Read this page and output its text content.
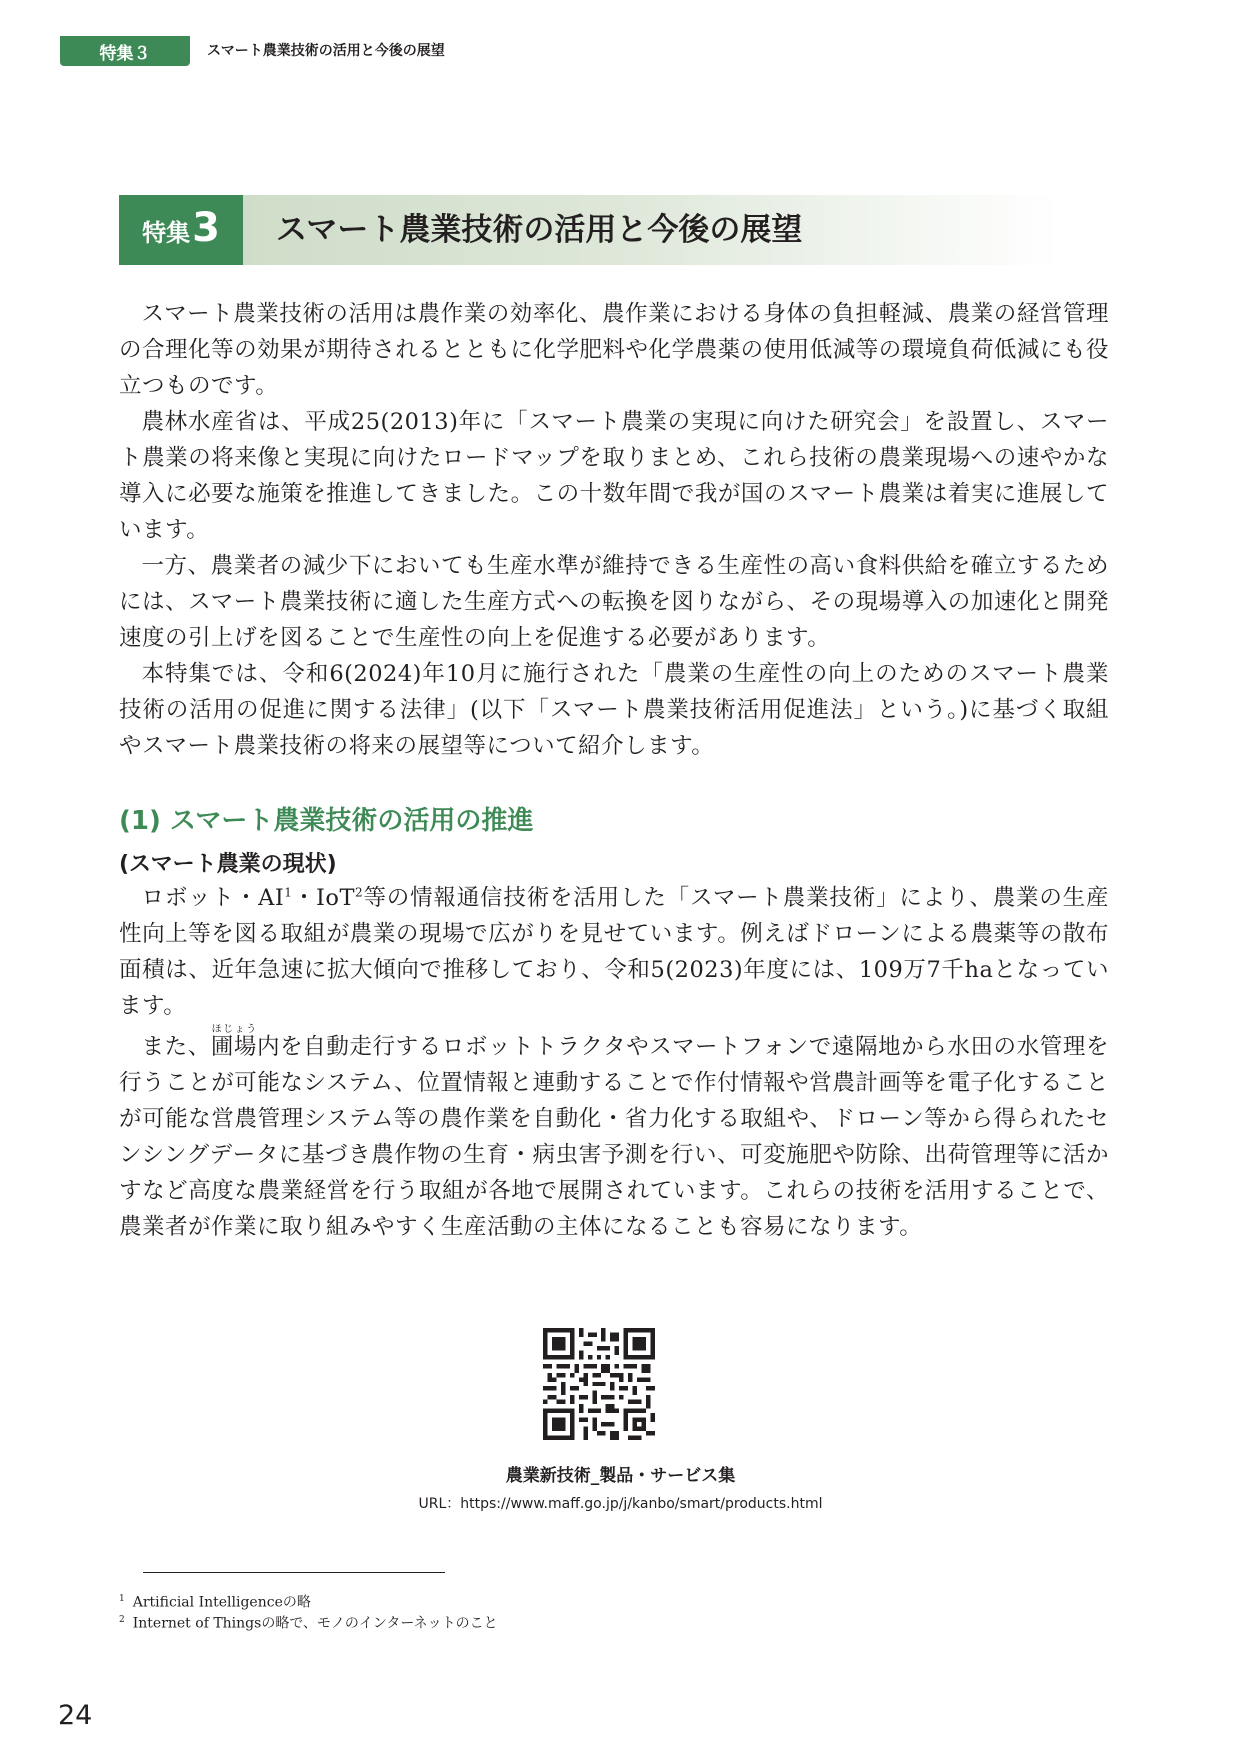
特集３	スマート農業技術の活用と今後の展望
特集 3 スマート農業技術の活用と今後の展望

スマート農業技術の活用は農作業の効率化、農作業における身体の負担軽減、農業の経営管理の合理化等の効果が期待されるとともに化学肥料や化学農薬の使用低減等の環境負荷低減にも役立つものです。

農林水産省は、平成25(2013)年に「スマート農業の実現に向けた研究会」を設置し、スマート農業の将来像と実現に向けたロードマップを取りまとめ、これら技術の農業現場への速やかな導入に必要な施策を推進してきました。この十数年間で我が国のスマート農業は着実に進展しています。

一方、農業者の減少下においても生産水準が維持できる生産性の高い食料供給を確立するためには、スマート農業技術に適した生産方式への転換を図りながら、その現場導入の加速化と開発速度の引上げを図ることで生産性の向上を促進する必要があります。

本特集では、令和6(2024)年10月に施行された「農業の生産性の向上のためのスマート農業技術の活用の促進に関する法律」(以下「スマート農業技術活用促進法」という。)に基づく取組やスマート農業技術の将来の展望等について紹介します。

(1) スマート農業技術の活用の推進
(スマート農業の現状)

ロボット・$AI^1$・IoT$^2$等の情報通信技術を活用した「スマート農業技術」により、農業の生産性向上等を図る取組が農業の現場で広がりを見せています。例えばドローンによる農薬等の散布面積は、近年急速に拡大傾向で推移しており、令和5(2023)年度には、109万7千haとなっています。

また、圃場ほじょう内を自動走行するロボットトラクタやスマートフォンで遠隔地から水田の水管理を行うことが可能なシステム、位置情報と連動することで作付情報や営農計画等を電子化することが可能な営農管理システム等の農作業を自動化・省力化する取組や、ドローン等から得られたセンシングデータに基づき農作物の生育・病虫害予測を行い、可変施肥や防除、出荷管理等に活かすなど高度な農業経営を行う取組が各地で展開されています。これらの技術を活用することで、農業者が作業に取り組みやすく生産活動の主体になることも容易になります。

農業新技術_製品・サービス集
URL：https://www.maff.go.jp/j/kanbo/smart/products.html
$^1$ Artificial Intelligenceの略
$^2$ Internet of Thingsの略で、モノのインターネットのこと
24
